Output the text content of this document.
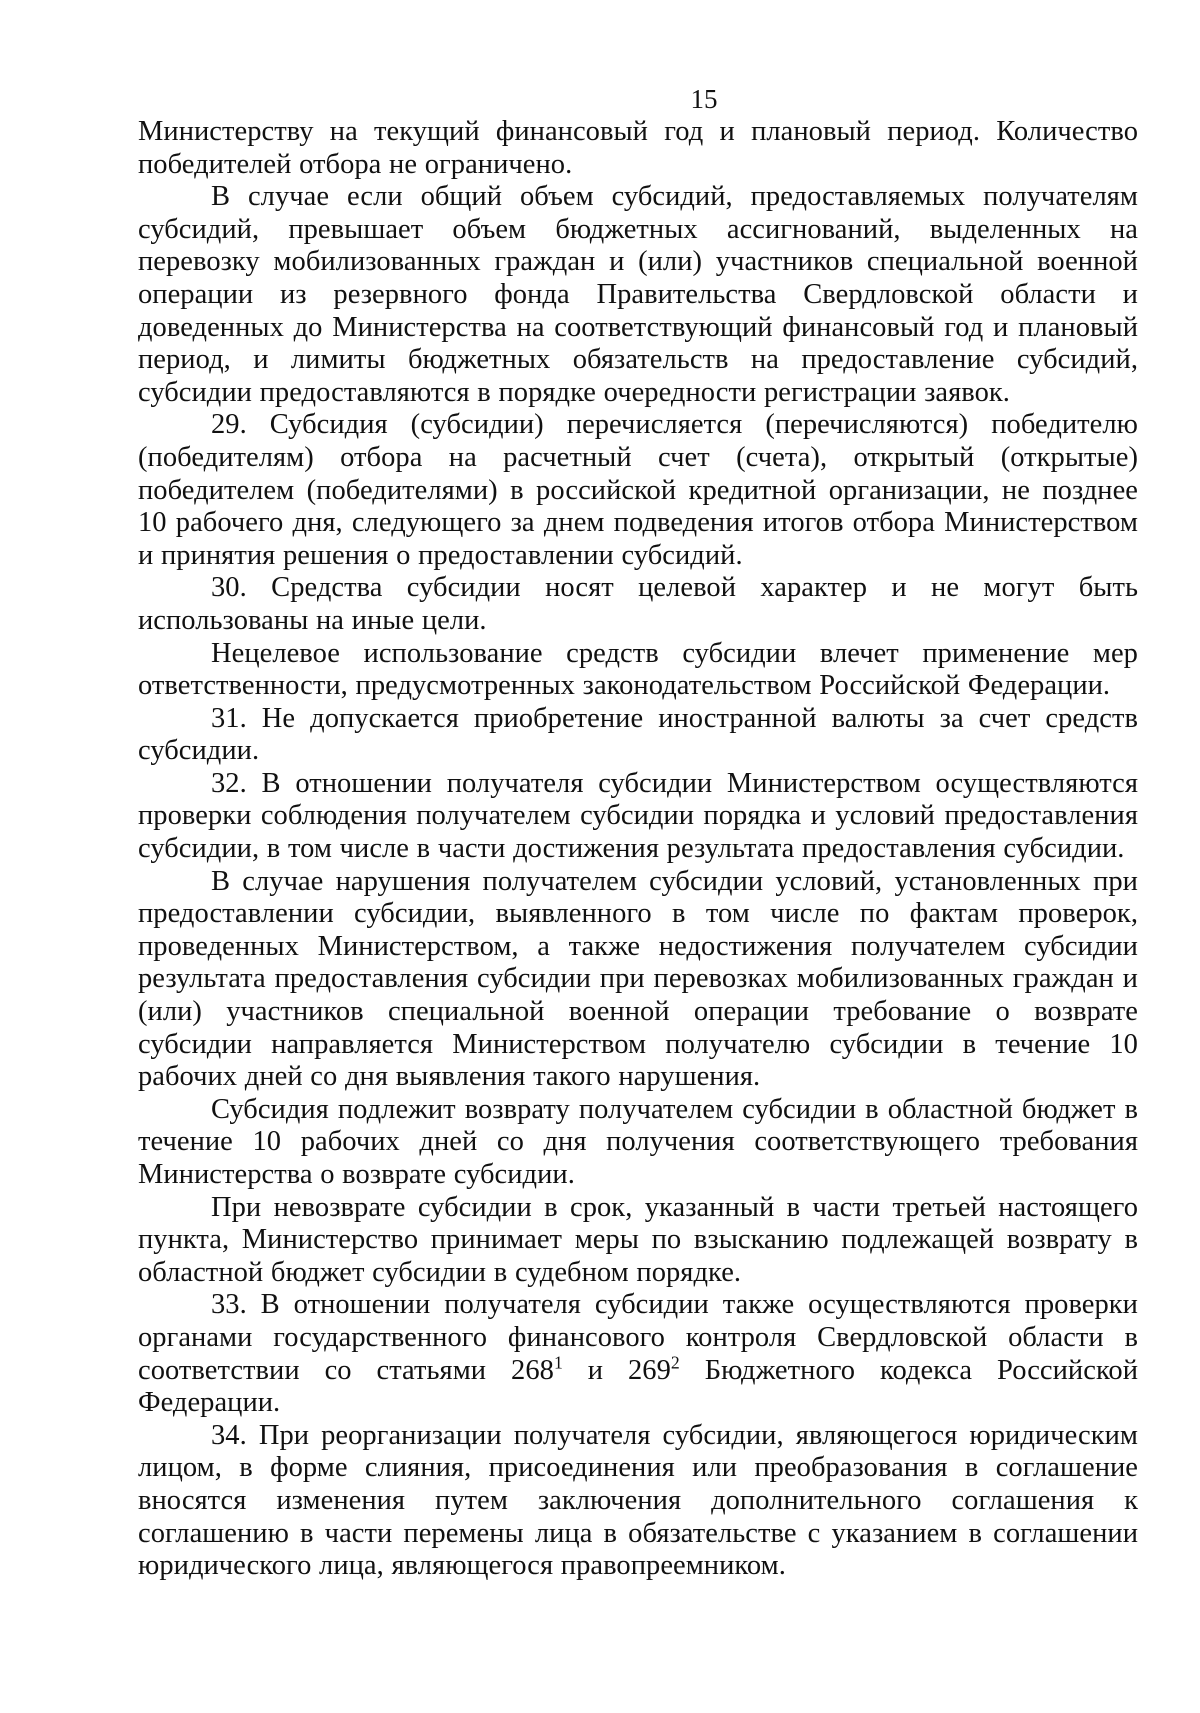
15

Министерству на текущий финансовый год и плановый период. Количество победителей отбора не ограничено.

В случае если общий объем субсидий, предоставляемых получателям субсидий, превышает объем бюджетных ассигнований, выделенных на перевозку мобилизованных граждан и (или) участников специальной военной операции из резервного фонда Правительства Свердловской области и доведенных до Министерства на соответствующий финансовый год и плановый период, и лимиты бюджетных обязательств на предоставление субсидий, субсидии предоставляются в порядке очередности регистрации заявок.

29. Субсидия (субсидии) перечисляется (перечисляются) победителю (победителям) отбора на расчетный счет (счета), открытый (открытые) победителем (победителями) в российской кредитной организации, не позднее 10 рабочего дня, следующего за днем подведения итогов отбора Министерством и принятия решения о предоставлении субсидий.

30. Средства субсидии носят целевой характер и не могут быть использованы на иные цели.

Нецелевое использование средств субсидии влечет применение мер ответственности, предусмотренных законодательством Российской Федерации.

31. Не допускается приобретение иностранной валюты за счет средств субсидии.

32. В отношении получателя субсидии Министерством осуществляются проверки соблюдения получателем субсидии порядка и условий предоставления субсидии, в том числе в части достижения результата предоставления субсидии.

В случае нарушения получателем субсидии условий, установленных при предоставлении субсидии, выявленного в том числе по фактам проверок, проведенных Министерством, а также недостижения получателем субсидии результата предоставления субсидии при перевозках мобилизованных граждан и (или) участников специальной военной операции требование о возврате субсидии направляется Министерством получателю субсидии в течение 10 рабочих дней со дня выявления такого нарушения.

Субсидия подлежит возврату получателем субсидии в областной бюджет в течение 10 рабочих дней со дня получения соответствующего требования Министерства о возврате субсидии.

При невозврате субсидии в срок, указанный в части третьей настоящего пункта, Министерство принимает меры по взысканию подлежащей возврату в областной бюджет субсидии в судебном порядке.

33. В отношении получателя субсидии также осуществляются проверки органами государственного финансового контроля Свердловской области в соответствии со статьями $268^1$ и $269^2$ Бюджетного кодекса Российской Федерации.

34. При реорганизации получателя субсидии, являющегося юридическим лицом, в форме слияния, присоединения или преобразования в соглашение вносятся изменения путем заключения дополнительного соглашения к соглашению в части перемены лица в обязательстве с указанием в соглашении юридического лица, являющегося правопреемником.
